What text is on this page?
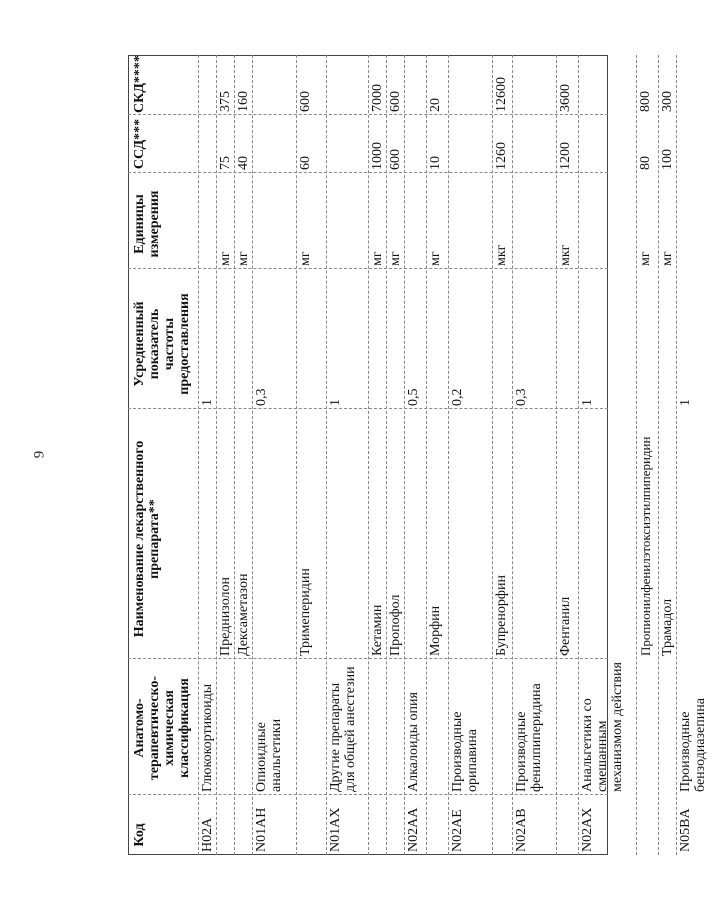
9
Код
Анатомо-терапевтическо-химическая классификация
Наименование лекарственного препарата**
Усредненный показатель частоты предоставления
Единицы измерения
ССД***
СКД****
H02A
Глюкокортикоиды
1
Преднизолон
мг
75
375
Дексаметазон
мг
40
160
N01AH
Опиоидные анальгетики
0,3
Тримеперидин
мг
60
600
N01AX
Другие препараты для общей анестезии
1
Кетамин
мг
1000
7000
Пропофол
мг
600
600
N02AA
Алкалоиды опия
0,5
Морфин
мг
10
20
N02AE
Производные орипавина
0,2
Бупренорфин
мкг
1260
12600
N02AB
Производные фенилпиперидина
0,3
Фентанил
мкг
1200
3600
N02AX
Анальгетики со смешанным механизмом действия
1
Пропионилфенилэтоксиэтилпиперидин
мг
80
800
Трамадол
мг
100
300
N05BA
Производные бензодиазепина
1
